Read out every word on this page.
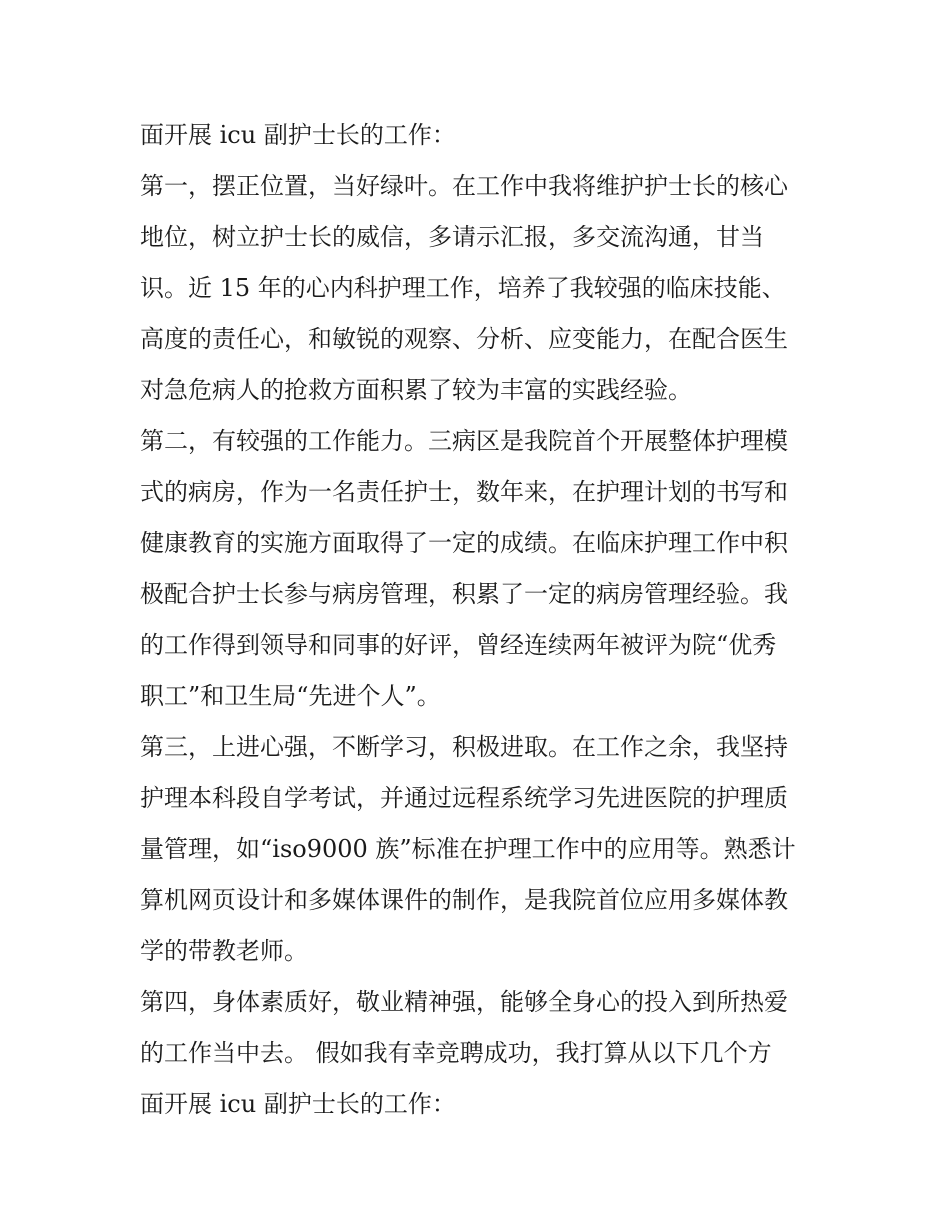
面开展 icu 副护士长的工作：
第一，摆正位置，当好绿叶。在工作中我将维护护士长的核心
地位，树立护士长的威信，多请示汇报，多交流沟通，甘当
识。近 15 年的心内科护理工作，培养了我较强的临床技能、
高度的责任心，和敏锐的观察、分析、应变能力，在配合医生
对急危病人的抢救方面积累了较为丰富的实践经验。
第二，有较强的工作能力。三病区是我院首个开展整体护理模
式的病房，作为一名责任护士，数年来，在护理计划的书写和
健康教育的实施方面取得了一定的成绩。在临床护理工作中积
极配合护士长参与病房管理，积累了一定的病房管理经验。我
的工作得到领导和同事的好评，曾经连续两年被评为院“优秀
职工”和卫生局“先进个人”。
第三，上进心强，不断学习，积极进取。在工作之余，我坚持
护理本科段自学考试，并通过远程系统学习先进医院的护理质
量管理，如“iso9000 族”标准在护理工作中的应用等。熟悉计
算机网页设计和多媒体课件的制作，是我院首位应用多媒体教
学的带教老师。
第四，身体素质好，敬业精神强，能够全身心的投入到所热爱
的工作当中去。 假如我有幸竞聘成功，我打算从以下几个方
面开展 icu 副护士长的工作：
